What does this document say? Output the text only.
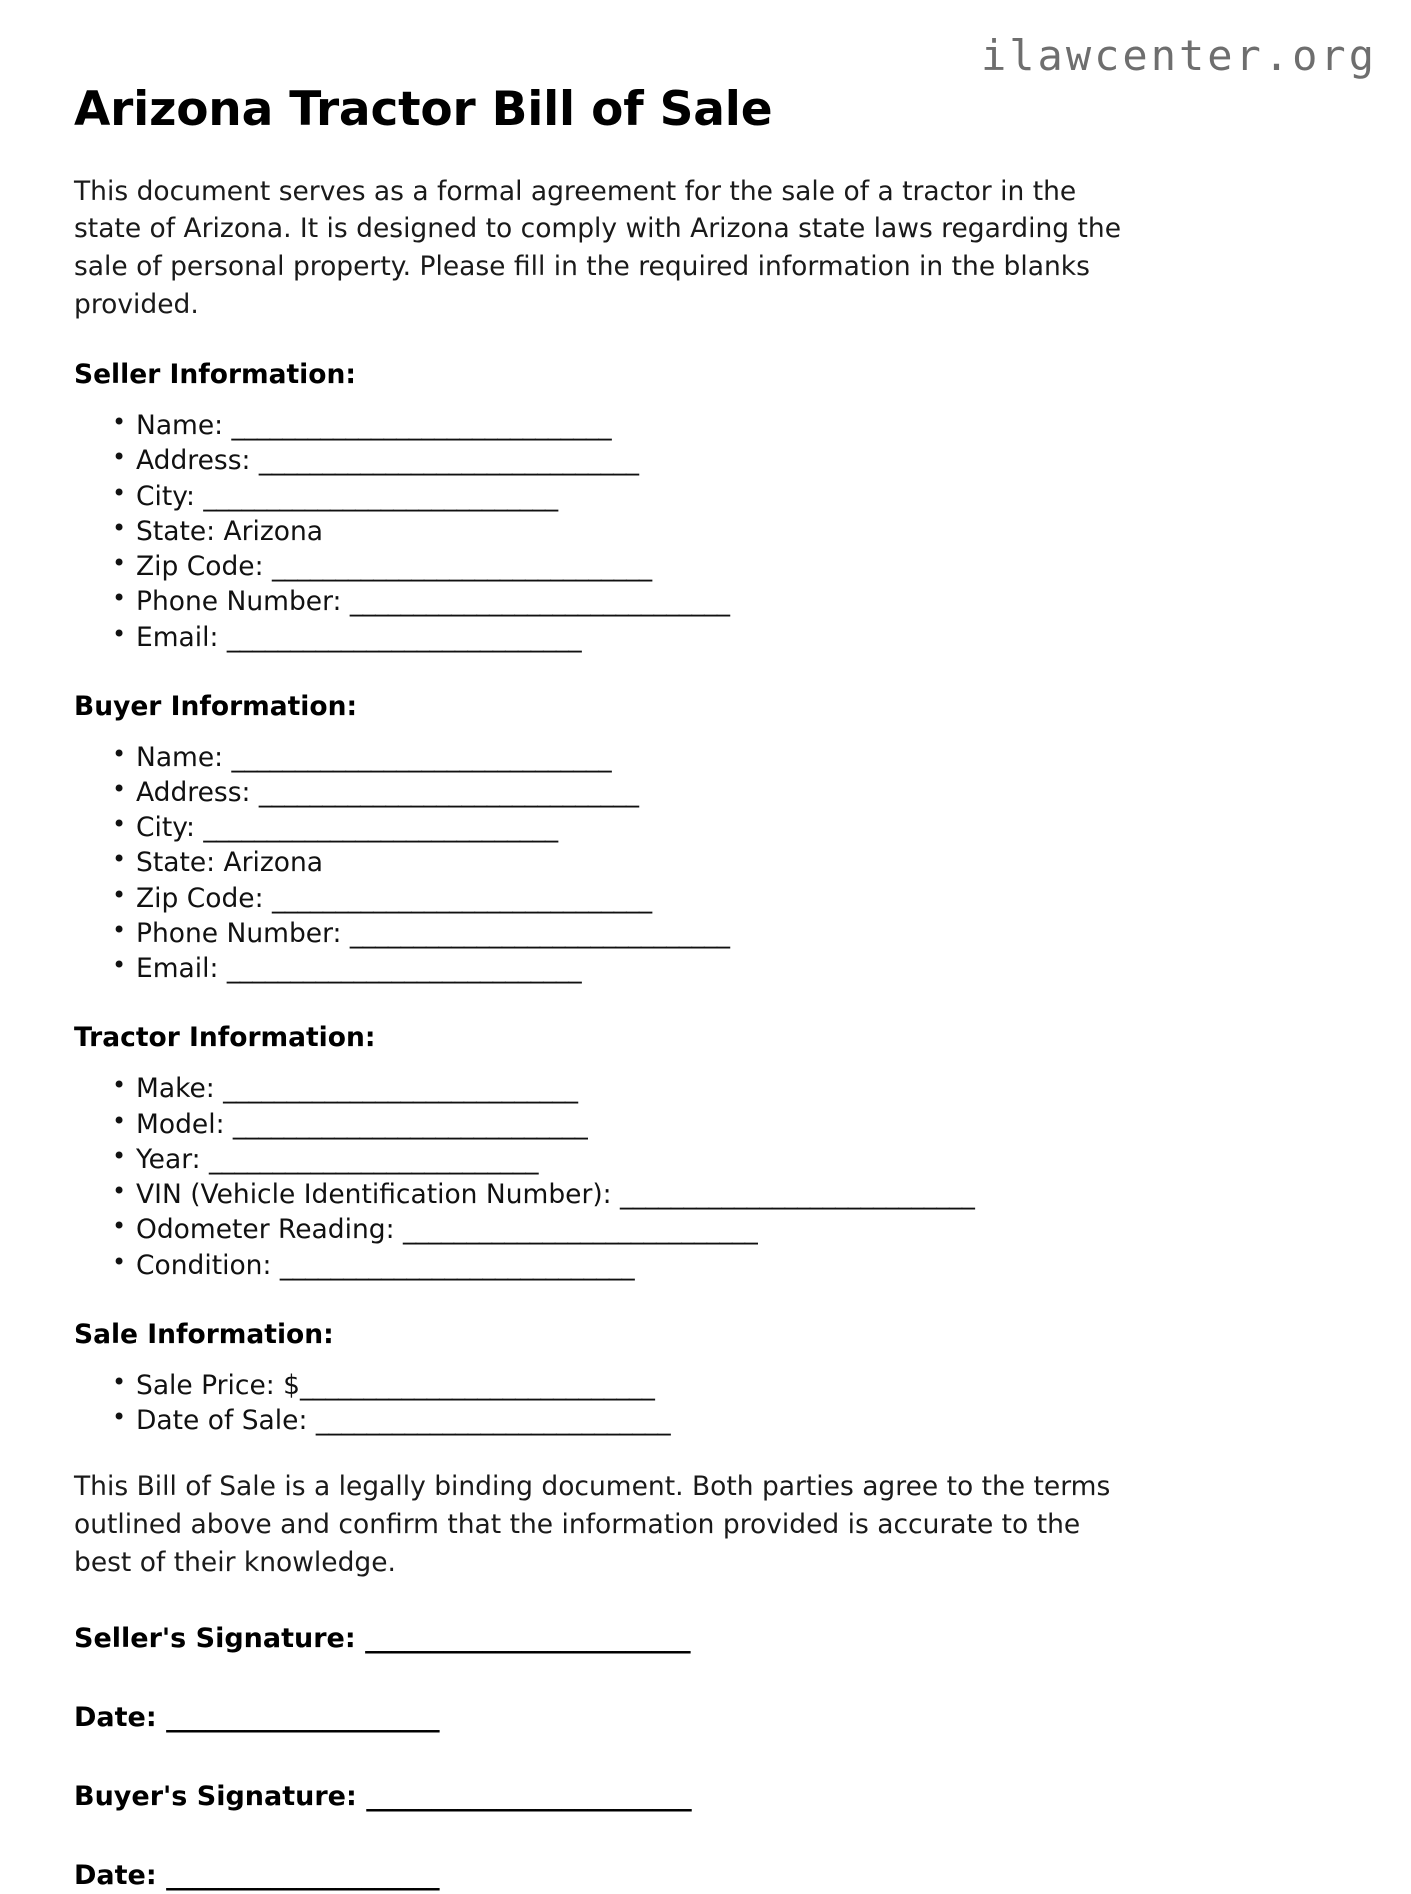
ilawcenter.org
Arizona Tractor Bill of Sale

This document serves as a formal agreement for the sale of a tractor in the state of Arizona. It is designed to comply with Arizona state laws regarding the sale of personal property. Please fill in the required information in the blanks provided.

Seller Information:
• Name: ______________________________
• Address: ______________________________
• City: ____________________________
• State: Arizona
• Zip Code: ______________________________
• Phone Number: ______________________________
• Email: ____________________________
Buyer Information:
• Name: ______________________________
• Address: ______________________________
• City: ____________________________
• State: Arizona
• Zip Code: ______________________________
• Phone Number: ______________________________
• Email: ____________________________
Tractor Information:
• Make: ____________________________
• Model: ____________________________
• Year: __________________________
• VIN (Vehicle Identification Number): ____________________________
• Odometer Reading: ____________________________
• Condition: ____________________________
Sale Information:
• Sale Price: $____________________________
• Date of Sale: ____________________________

This Bill of Sale is a legally binding document. Both parties agree to the terms outlined above and confirm that the information provided is accurate to the best of their knowledge.

Seller's Signature: _________________________
Date: _____________________
Buyer's Signature: _________________________
Date: _____________________
